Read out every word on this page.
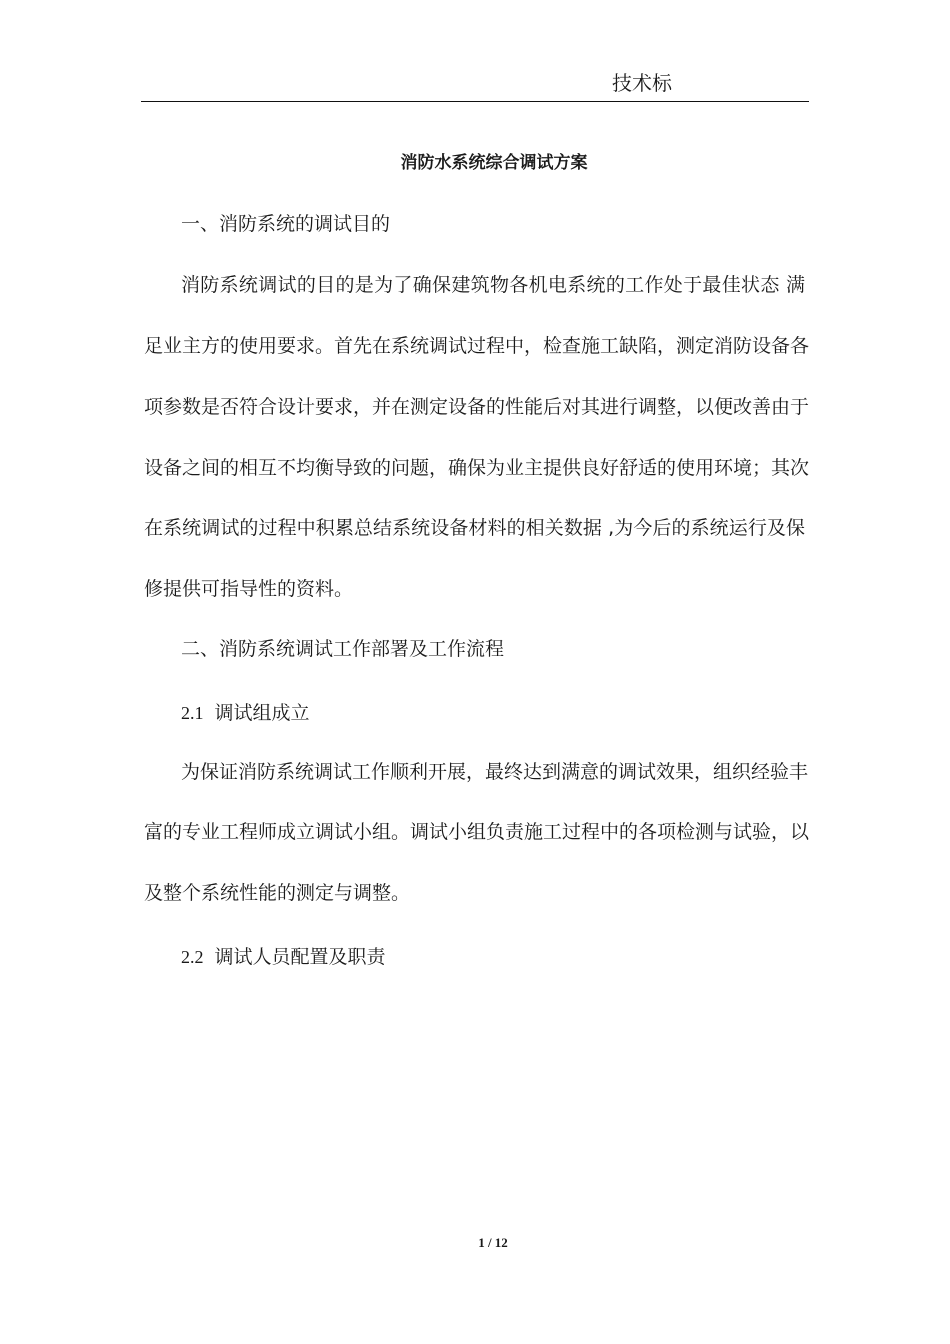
技术标
消防水系统综合调试方案
一、消防系统的调试目的
消防系统调试的目的是为了确保建筑物各机电系统的工作处于最佳状态 满
足业主方的使用要求。首先在系统调试过程中，检查施工缺陷，测定消防设备各
项参数是否符合设计要求，并在测定设备的性能后对其进行调整，以便改善由于
设备之间的相互不均衡导致的问题，确保为业主提供良好舒适的使用环境；其次
在系统调试的过程中积累总结系统设备材料的相关数据 ,为今后的系统运行及保
修提供可指导性的资料。
二、消防系统调试工作部署及工作流程
2.1 调试组成立
为保证消防系统调试工作顺利开展，最终达到满意的调试效果，组织经验丰
富的专业工程师成立调试小组。调试小组负责施工过程中的各项检测与试验，以
及整个系统性能的测定与调整。
2.2 调试人员配置及职责
1 / 12
